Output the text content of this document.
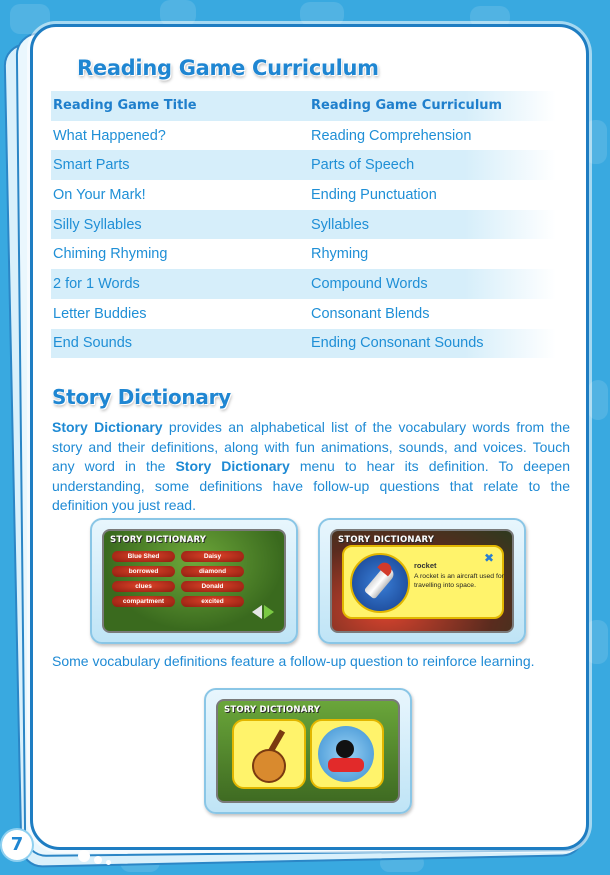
Reading Game Curriculum
Reading Game Title	Reading Game Curriculum
What Happened?	Reading Comprehension
Smart Parts	Parts of Speech
On Your Mark!	Ending Punctuation
Silly Syllables	Syllables
Chiming Rhyming	Rhyming
2 for 1 Words	Compound Words
Letter Buddies	Consonant Blends
End Sounds	Ending Consonant Sounds
Story Dictionary

Story Dictionary provides an alphabetical list of the vocabulary words from the story and their definitions, along with fun animations, sounds, and voices. Touch any word in the Story Dictionary menu to hear its definition. To deepen understanding, some definitions have follow-up questions that relate to the definition you just read.

STORY DICTIONARY
Blue Shed	Daisy
borrowed	diamond
clues	Donald
compartment	excited
STORY DICTIONARY
rocket
A rocket is an aircraft used for travelling into space.
✖

Some vocabulary definitions feature a follow-up question to reinforce learning.

STORY DICTIONARY
7
